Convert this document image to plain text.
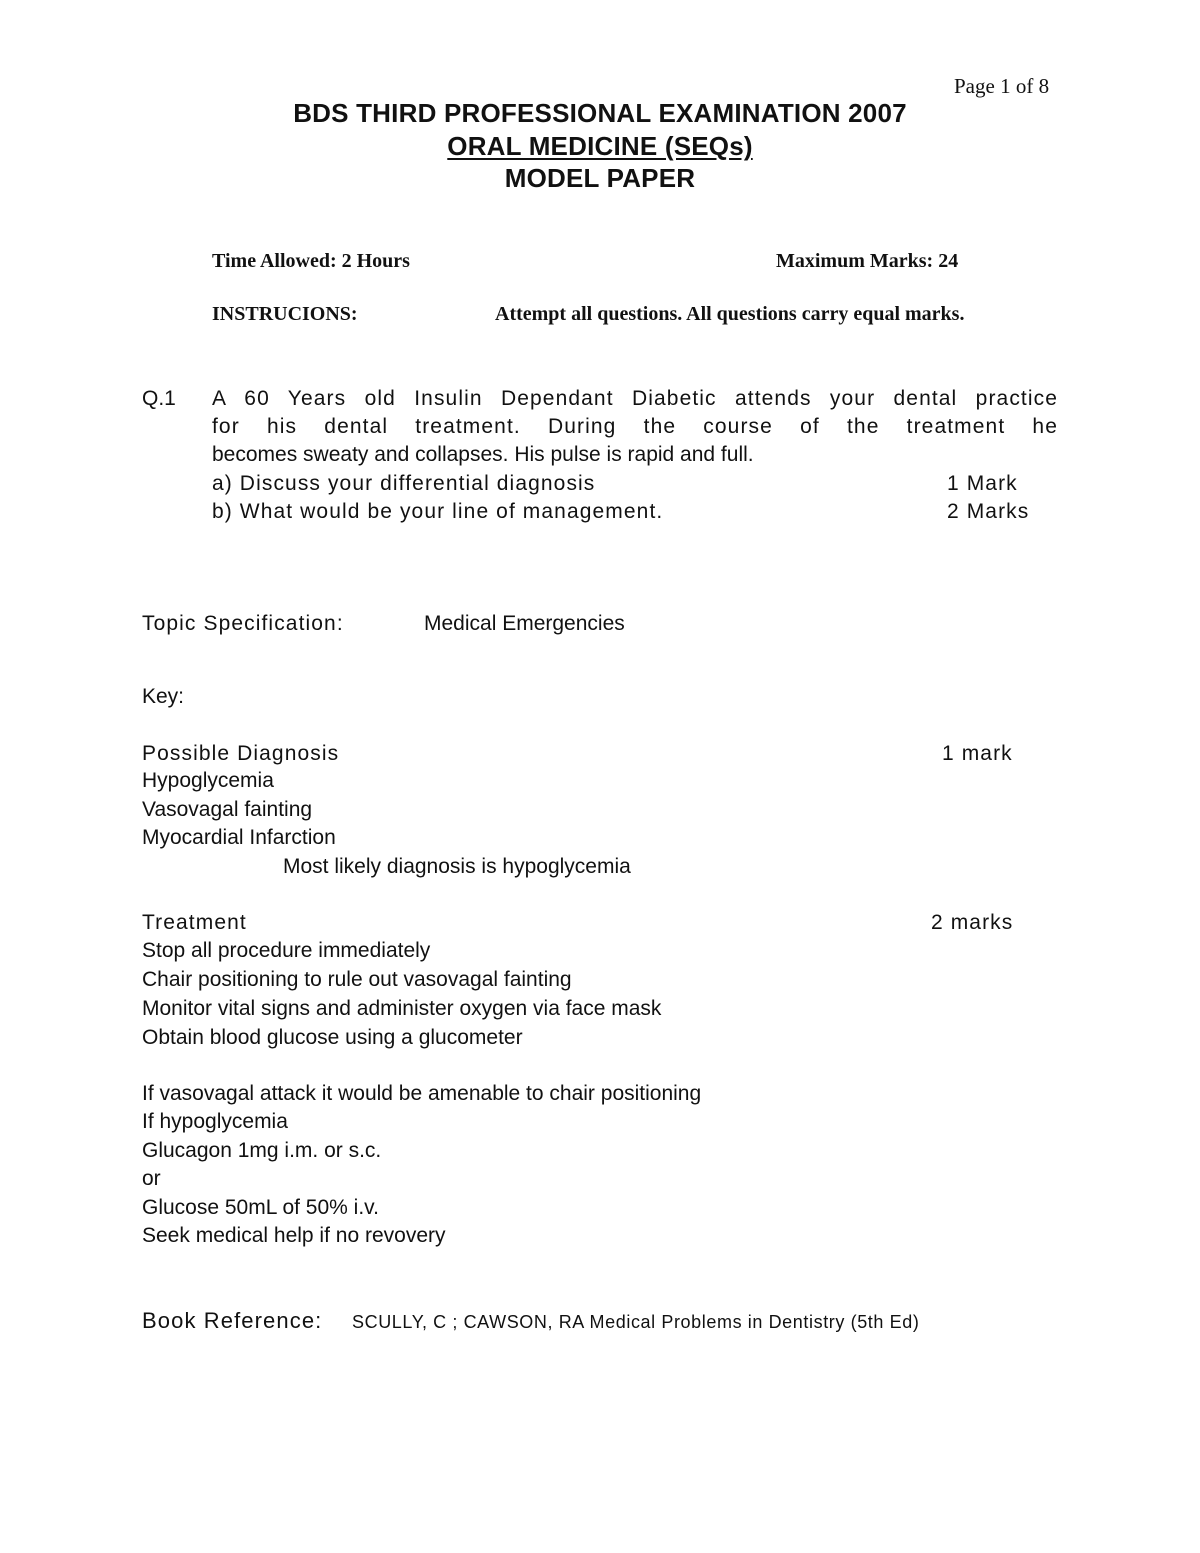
Page 1 of 8
BDS THIRD PROFESSIONAL EXAMINATION 2007
ORAL MEDICINE (SEQs)
MODEL PAPER
Time Allowed: 2 Hours	Maximum Marks: 24
INSTRUCIONS:	Attempt all questions. All questions carry equal marks.
Q.1 A 60 Years old Insulin Dependant Diabetic attends your dental practice
for his dental treatment. During the course of the treatment he
becomes sweaty and collapses. His pulse is rapid and full.
a) Discuss your differential diagnosis	1 Mark
b) What would be your line of management.	2 Marks
Topic Specification:	Medical Emergencies
Key:
Possible Diagnosis	1 mark
Hypoglycemia
Vasovagal fainting
Myocardial Infarction
Most likely diagnosis is hypoglycemia
Treatment	2 marks
Stop all procedure immediately
Chair positioning to rule out vasovagal fainting
Monitor vital signs and administer oxygen via face mask
Obtain blood glucose using a glucometer
If vasovagal attack it would be amenable to chair positioning
If hypoglycemia
Glucagon 1mg i.m. or s.c.
or
Glucose 50mL of 50% i.v.
Seek medical help if no revovery
Book Reference: SCULLY, C ; CAWSON, RA Medical Problems in Dentistry (5th Ed)
